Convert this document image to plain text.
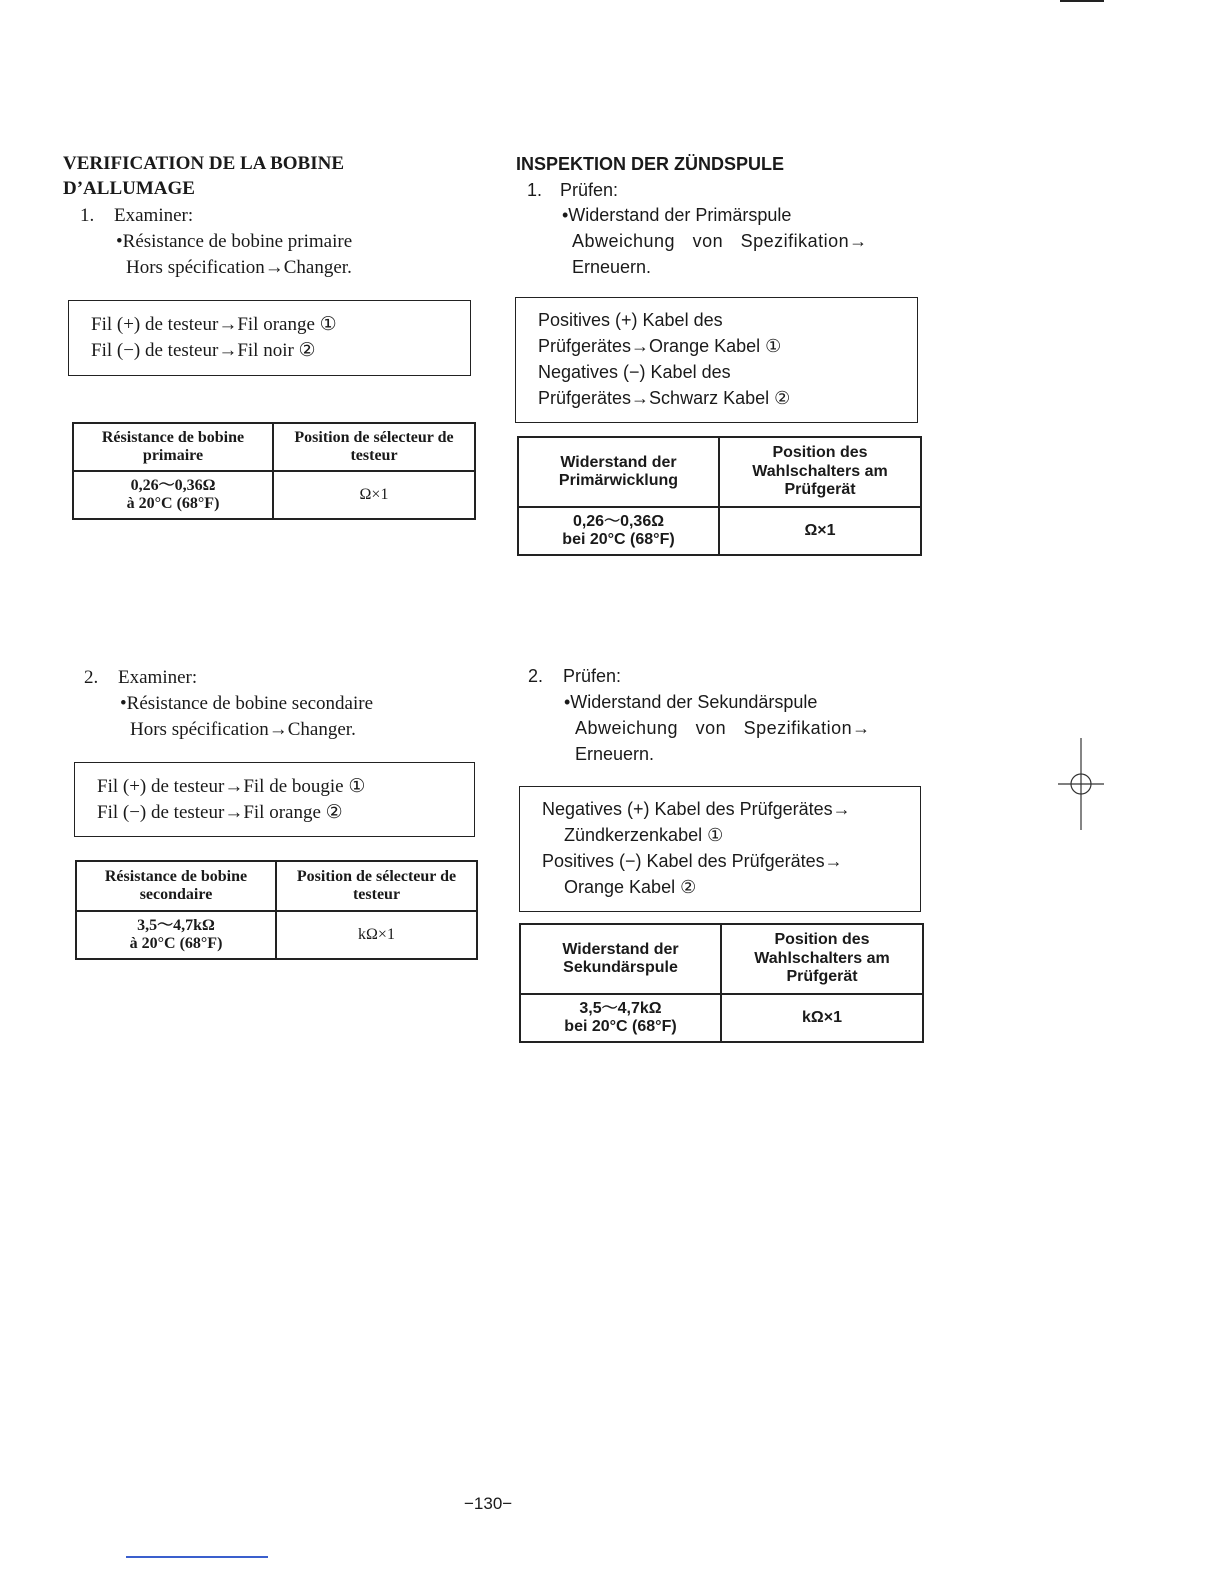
VERIFICATION DE LA BOBINE
D’ALLUMAGE
1. Examiner:
•Résistance de bobine primaire
Hors spécification→Changer.
Fil (+) de testeur→Fil orange ①
Fil (−) de testeur→Fil noir ②
Résistance de bobine primaire	Position de sélecteur de testeur

0,26～0,36Ω
à 20°C (68°F)	Ω×1
2. Examiner:
•Résistance de bobine secondaire
Hors spécification→Changer.
Fil (+) de testeur→Fil de bougie ①
Fil (−) de testeur→Fil orange ②
Résistance de bobine secondaire	Position de sélecteur de testeur

3,5～4,7kΩ
à 20°C (68°F)	kΩ×1
INSPEKTION DER ZÜNDSPULE
1. Prüfen:
•Widerstand der Primärspule
Abweichung von Spezifikation→
Erneuern.
Positives (+) Kabel des
Prüfgerätes→Orange Kabel ①
Negatives (−) Kabel des
Prüfgerätes→Schwarz Kabel ②
Widerstand der Primärwicklung	Position des Wahlschalters am Prüfgerät

0,26～0,36Ω
bei 20°C (68°F)	Ω×1
2. Prüfen:
•Widerstand der Sekundärspule
Abweichung von Spezifikation→
Erneuern.
Negatives (+) Kabel des Prüfgerätes→
Zündkerzenkabel ①
Positives (−) Kabel des Prüfgerätes→
Orange Kabel ②
Widerstand der Sekundärspule	Position des Wahlschalters am Prüfgerät

3,5～4,7kΩ
bei 20°C (68°F)	kΩ×1
−130−
